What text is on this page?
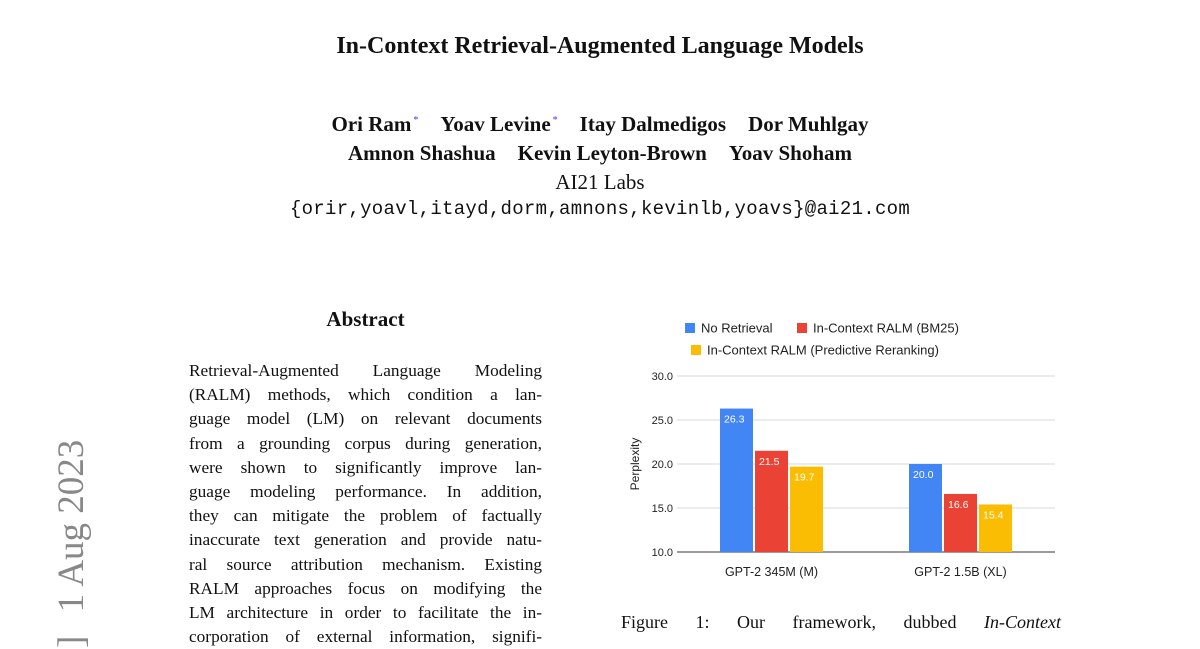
In-Context Retrieval-Augmented Language Models
Ori Ram * Yoav Levine * Itay Dalmedigos Dor Muhlgay
Amnon Shashua Kevin Leyton-Brown Yoav Shoham
AI21 Labs
{orir,yoavl,itayd,dorm,amnons,kevinlb,yoavs}@ai21.com
] 1 Aug 2023
Abstract
Retrieval-Augmented Language Modeling
(RALM) methods, which condition a lan-
guage model (LM) on relevant documents
from a grounding corpus during generation,
were shown to significantly improve lan-
guage modeling performance. In addition,
they can mitigate the problem of factually
inaccurate text generation and provide natu-
ral source attribution mechanism. Existing
RALM approaches focus on modifying the
LM architecture in order to facilitate the in-
corporation of external information, signifi-
10.0
15.0
20.0
25.0
30.0
Perplexity
26.3
21.5
19.7
GPT-2 345M (M)
20.0
16.6
15.4
GPT-2 1.5B (XL)
No Retrieval	In-Context RALM (BM25)
In-Context RALM (Predictive Reranking)
Figure 1: Our framework, dubbed In-Context
